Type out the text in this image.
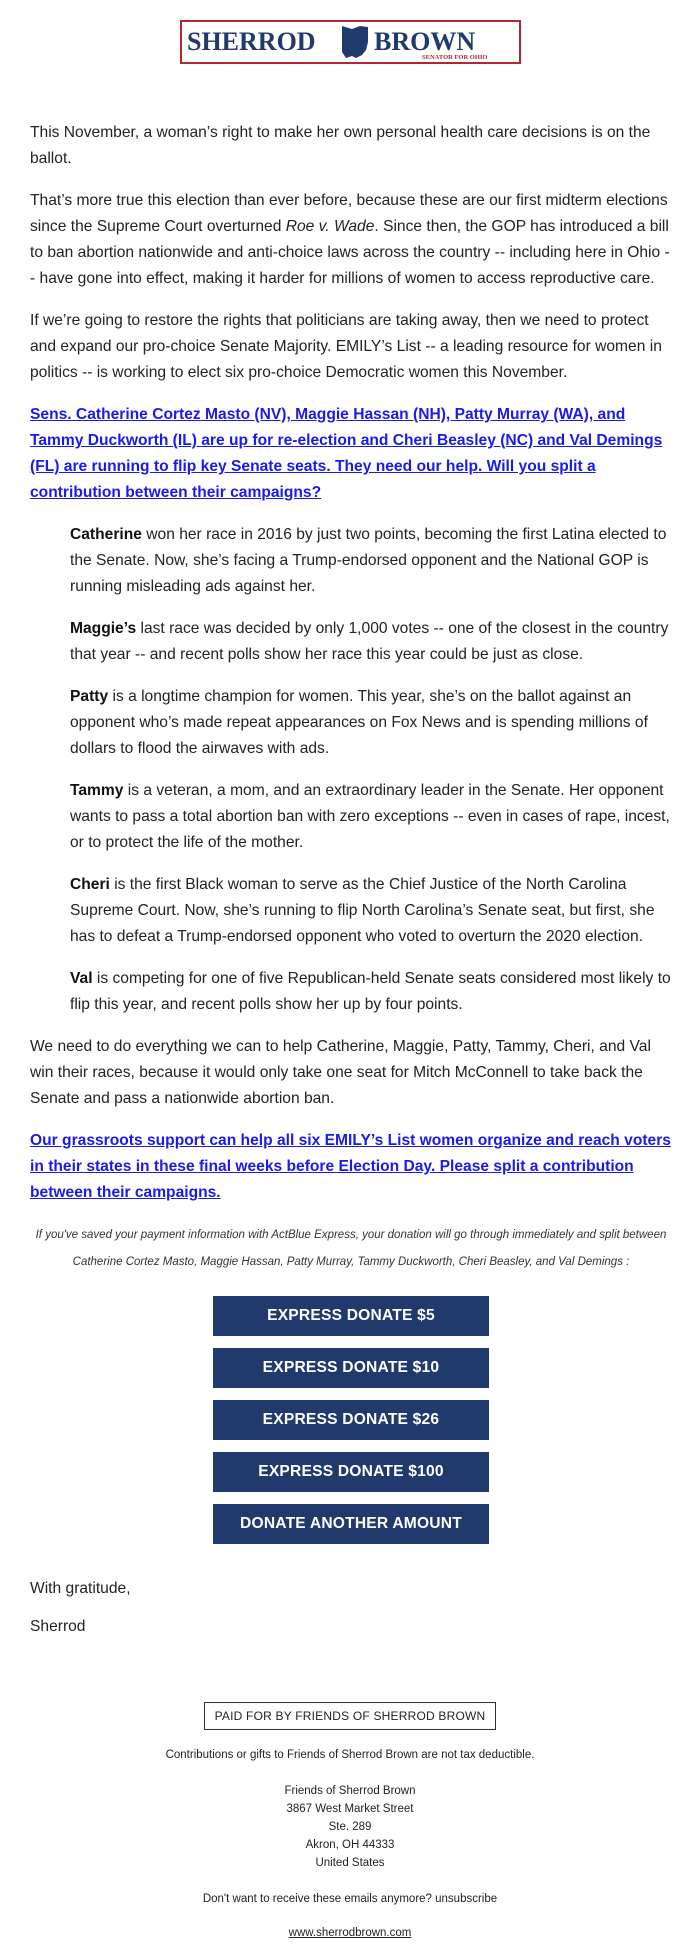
SHERROD BROWN
SENATOR FOR OHIO

This November, a woman’s right to make her own personal health care decisions is on the ballot.

That’s more true this election than ever before, because these are our first midterm elections since the Supreme Court overturned Roe v. Wade. Since then, the GOP has introduced a bill to ban abortion nationwide and anti-choice laws across the country -- including here in Ohio -- have gone into effect, making it harder for millions of women to access reproductive care.

If we’re going to restore the rights that politicians are taking away, then we need to protect and expand our pro-choice Senate Majority. EMILY’s List -- a leading resource for women in politics -- is working to elect six pro-choice Democratic women this November.

Sens. Catherine Cortez Masto (NV), Maggie Hassan (NH), Patty Murray (WA), and Tammy Duckworth (IL) are up for re-election and Cheri Beasley (NC) and Val Demings (FL) are running to flip key Senate seats. They need our help. Will you split a contribution between their campaigns?

Catherine won her race in 2016 by just two points, becoming the first Latina elected to the Senate. Now, she’s facing a Trump-endorsed opponent and the National GOP is running misleading ads against her.

Maggie’s last race was decided by only 1,000 votes -- one of the closest in the country that year -- and recent polls show her race this year could be just as close.

Patty is a longtime champion for women. This year, she’s on the ballot against an opponent who’s made repeat appearances on Fox News and is spending millions of dollars to flood the airwaves with ads.

Tammy is a veteran, a mom, and an extraordinary leader in the Senate. Her opponent wants to pass a total abortion ban with zero exceptions -- even in cases of rape, incest, or to protect the life of the mother.

Cheri is the first Black woman to serve as the Chief Justice of the North Carolina Supreme Court. Now, she’s running to flip North Carolina’s Senate seat, but first, she has to defeat a Trump-endorsed opponent who voted to overturn the 2020 election.

Val is competing for one of five Republican-held Senate seats considered most likely to flip this year, and recent polls show her up by four points.

We need to do everything we can to help Catherine, Maggie, Patty, Tammy, Cheri, and Val win their races, because it would only take one seat for Mitch McConnell to take back the Senate and pass a nationwide abortion ban.

Our grassroots support can help all six EMILY’s List women organize and reach voters in their states in these final weeks before Election Day. Please split a contribution between their campaigns.

If you've saved your payment information with ActBlue Express, your donation will go through immediately and split between Catherine Cortez Masto, Maggie Hassan, Patty Murray, Tammy Duckworth, Cheri Beasley, and Val Demings :

EXPRESS DONATE $5
EXPRESS DONATE $10
EXPRESS DONATE $26
EXPRESS DONATE $100
DONATE ANOTHER AMOUNT
With gratitude,
Sherrod
PAID FOR BY FRIENDS OF SHERROD BROWN
Contributions or gifts to Friends of Sherrod Brown are not tax deductible.
Friends of Sherrod Brown
3867 West Market Street
Ste. 289
Akron, OH 44333
United States
Don't want to receive these emails anymore? unsubscribe
www.sherrodbrown.com
